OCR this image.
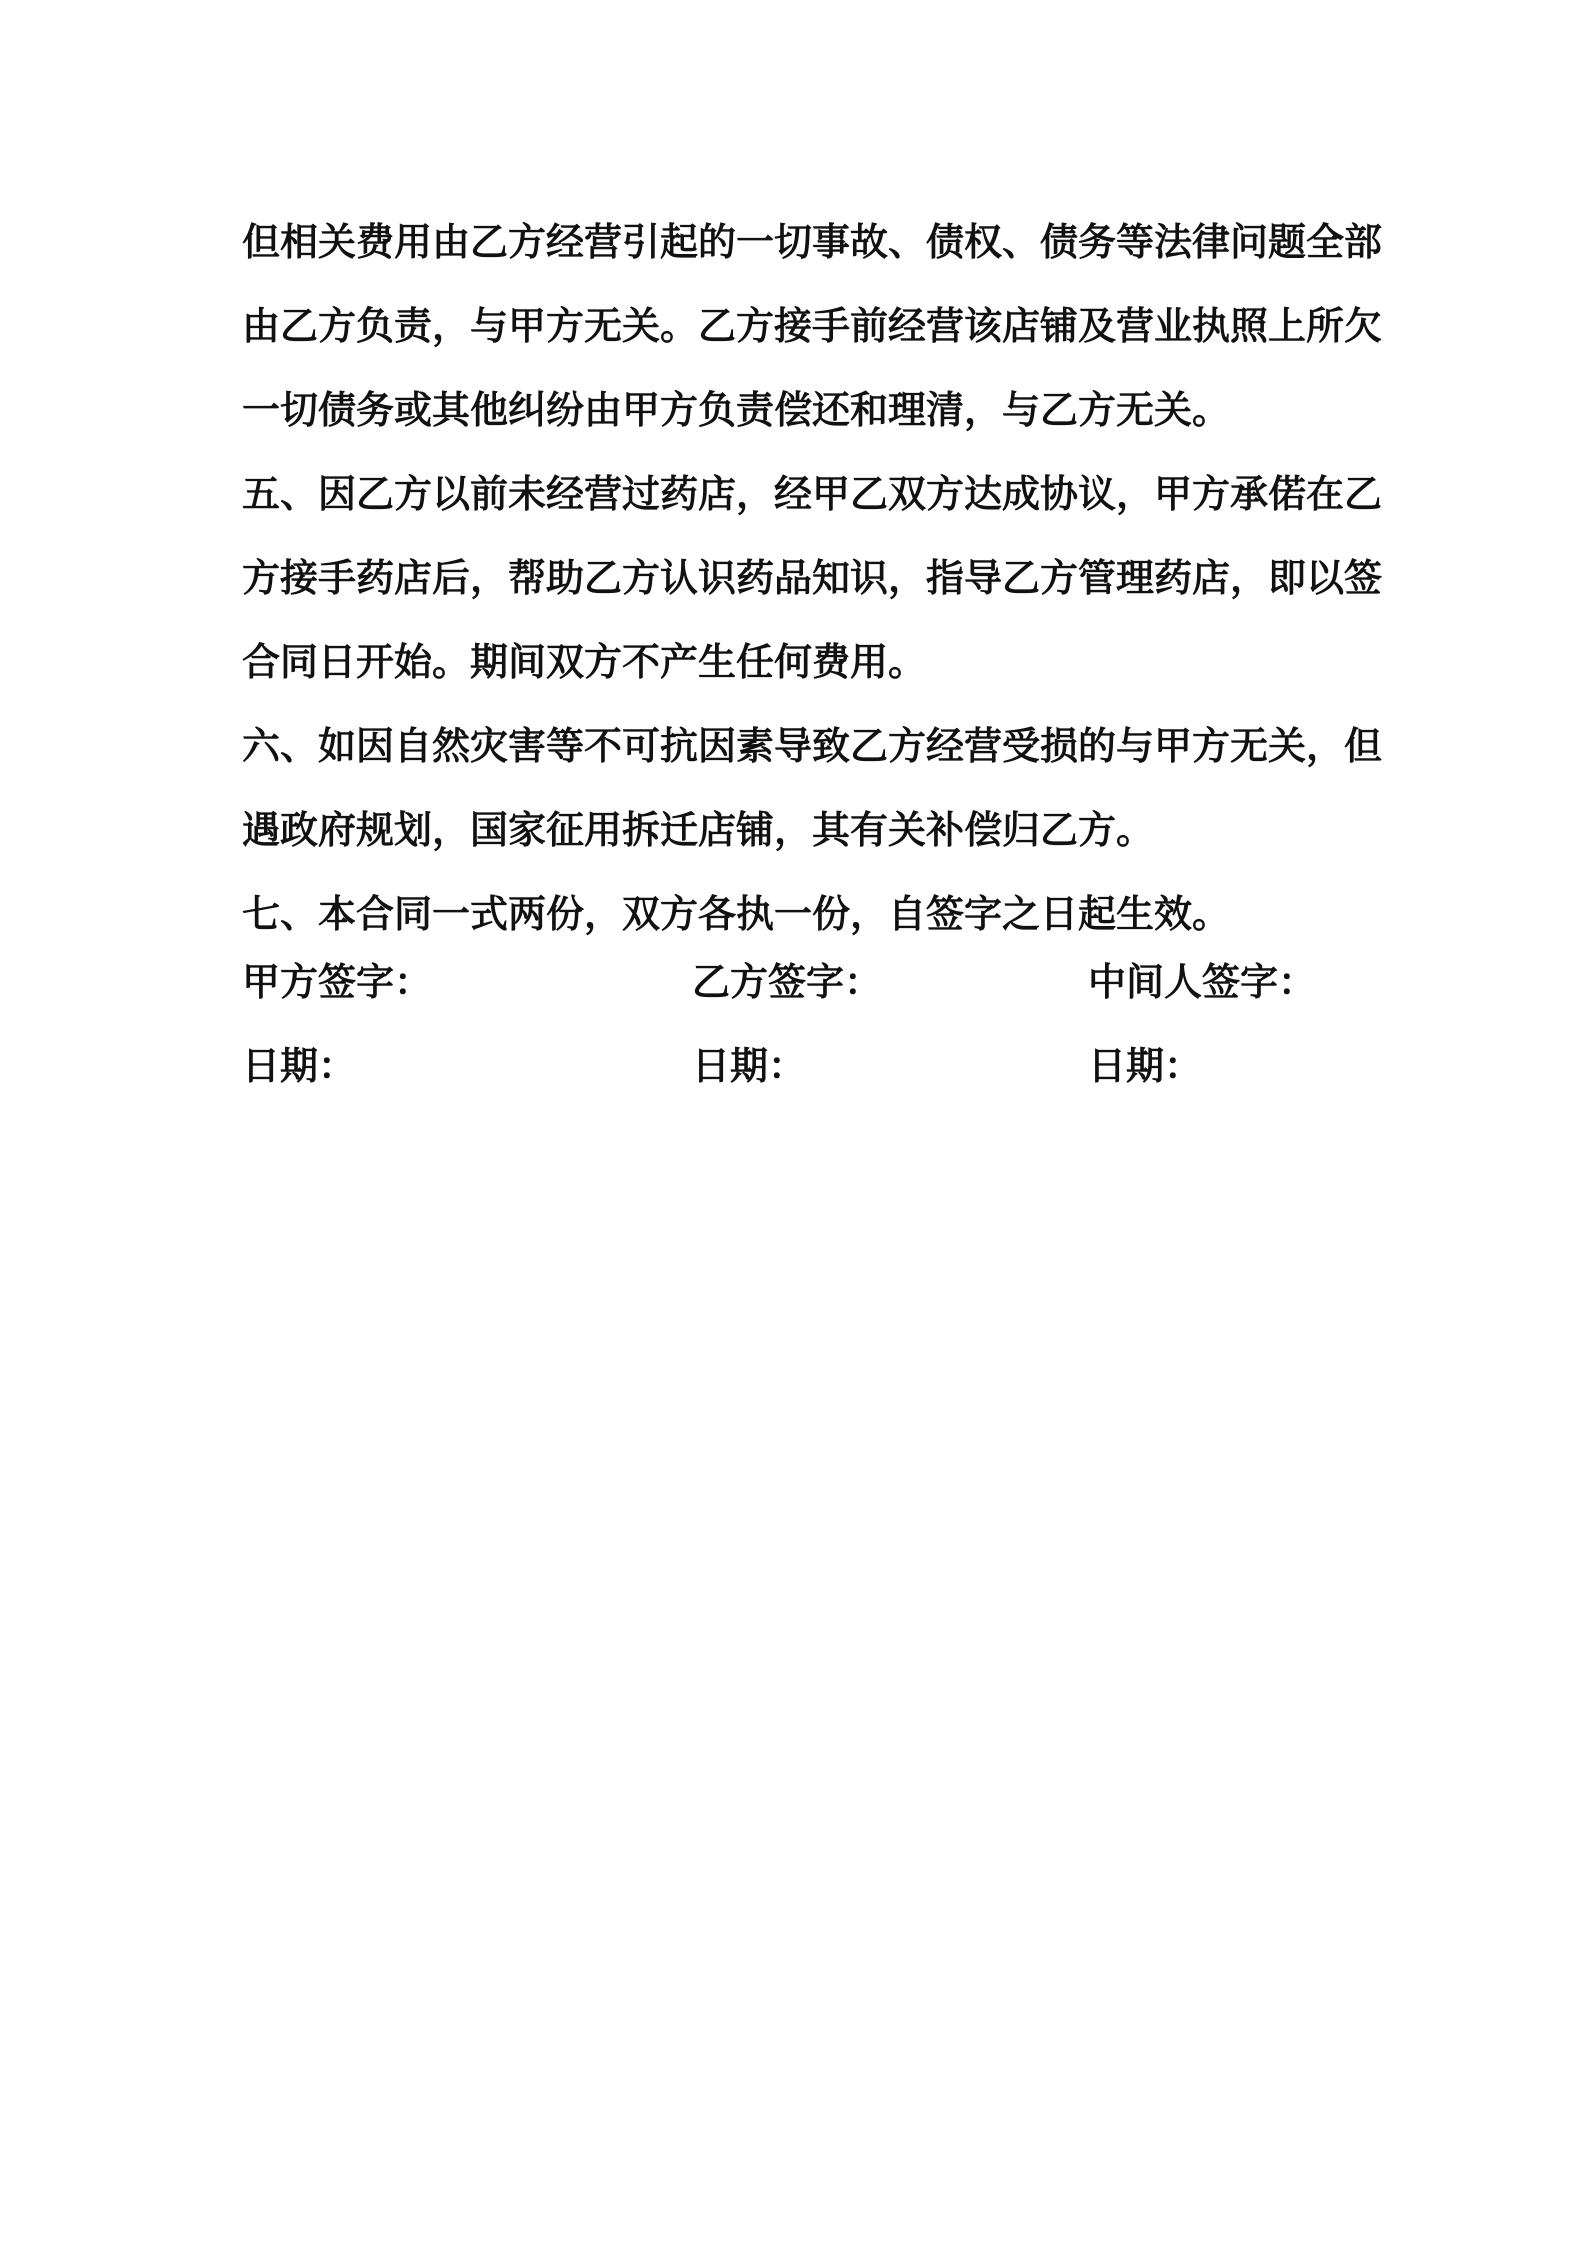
但相关费用由乙方经营引起的一切事故、债权、债务等法律问题全部
由乙方负责，与甲方无关。乙方接手前经营该店铺及营业执照上所欠
一切债务或其他纠纷由甲方负责偿还和理清，与乙方无关。
五、因乙方以前未经营过药店，经甲乙双方达成协议，甲方承偌在乙
方接手药店后，帮助乙方认识药品知识，指导乙方管理药店，即以签
合同日开始。期间双方不产生任何费用。
六、如因自然灾害等不可抗因素导致乙方经营受损的与甲方无关，但
遇政府规划，国家征用拆迁店铺，其有关补偿归乙方。
七、本合同一式两份，双方各执一份，自签字之日起生效。
甲方签字：	乙方签字：	中间人签字：
日期：	日期：	日期：
